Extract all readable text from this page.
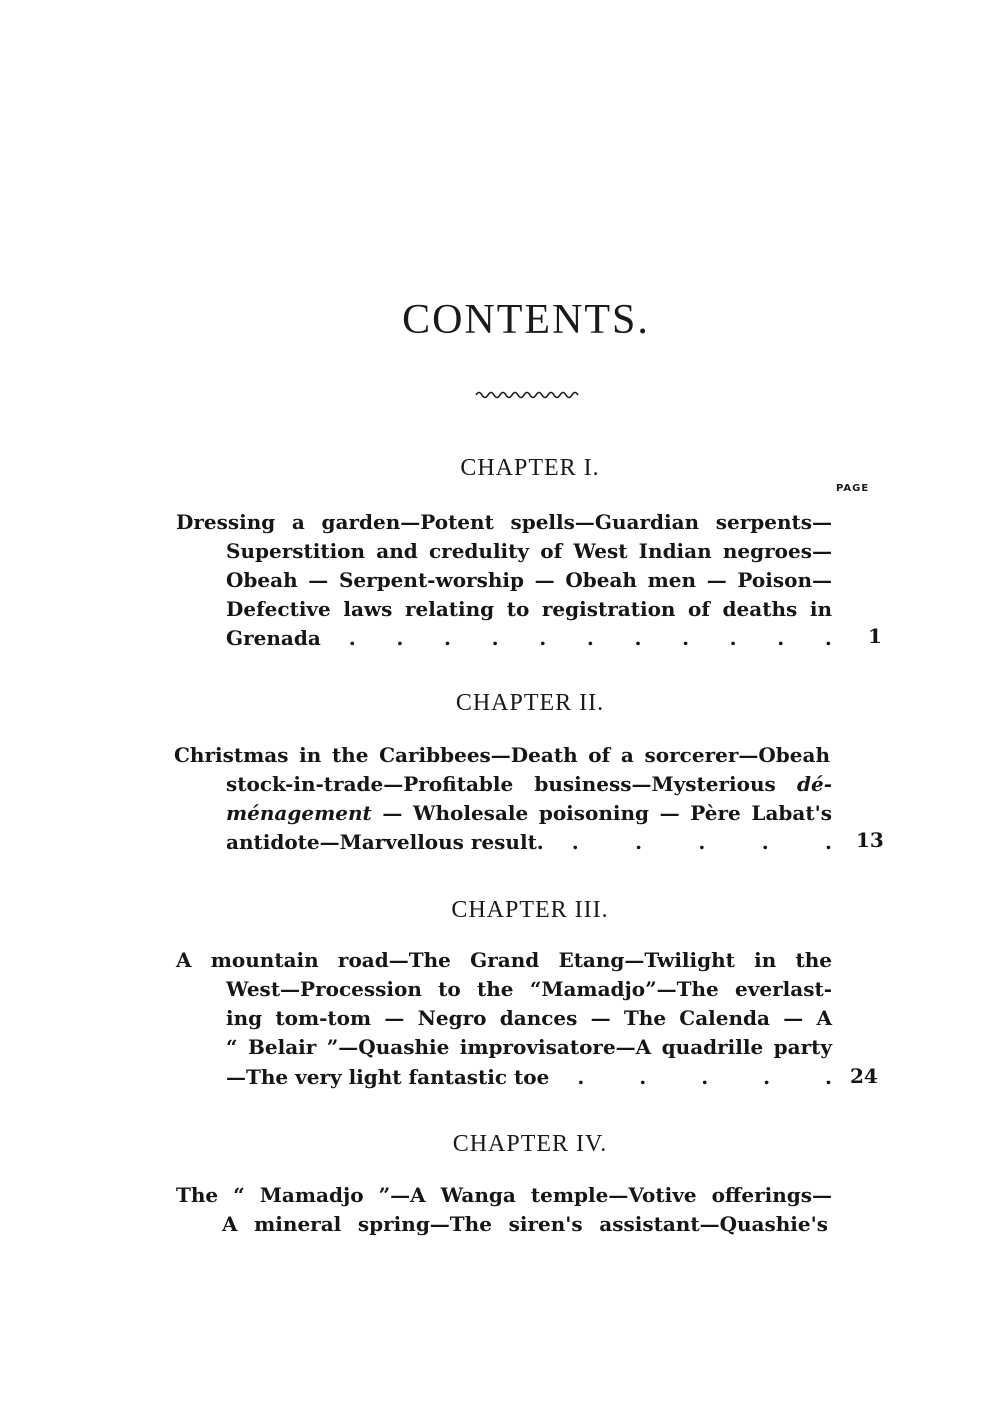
CONTENTS.
CHAPTER I.
PAGE
Dressing a garden—Potent spells—Guardian serpents—
Superstition and credulity of West Indian negroes—
Obeah — Serpent-worship — Obeah men — Poison—
Defective laws relating to registration of deaths in
Grenada . . . . . . . . . . . 1
CHAPTER II.
Christmas in the Caribbees—Death of a sorcerer—Obeah
stock-in-trade—Profitable business—Mysterious dé-
ménagement — Wholesale poisoning — Père Labat's
antidote—Marvellous result. .	.	.	.	. 13
CHAPTER III.
A mountain road—The Grand Etang—Twilight in the
West—Procession to the “Mamadjo”—The everlast-
ing tom-tom — Negro dances — The Calenda — A
“ Belair ”—Quashie improvisatore—A quadrille party
—The very light fantastic toe .	.	.	.	. 24
CHAPTER IV.
The “ Mamadjo ”—A Wanga temple—Votive offerings—
A mineral spring—The siren's assistant—Quashie's
